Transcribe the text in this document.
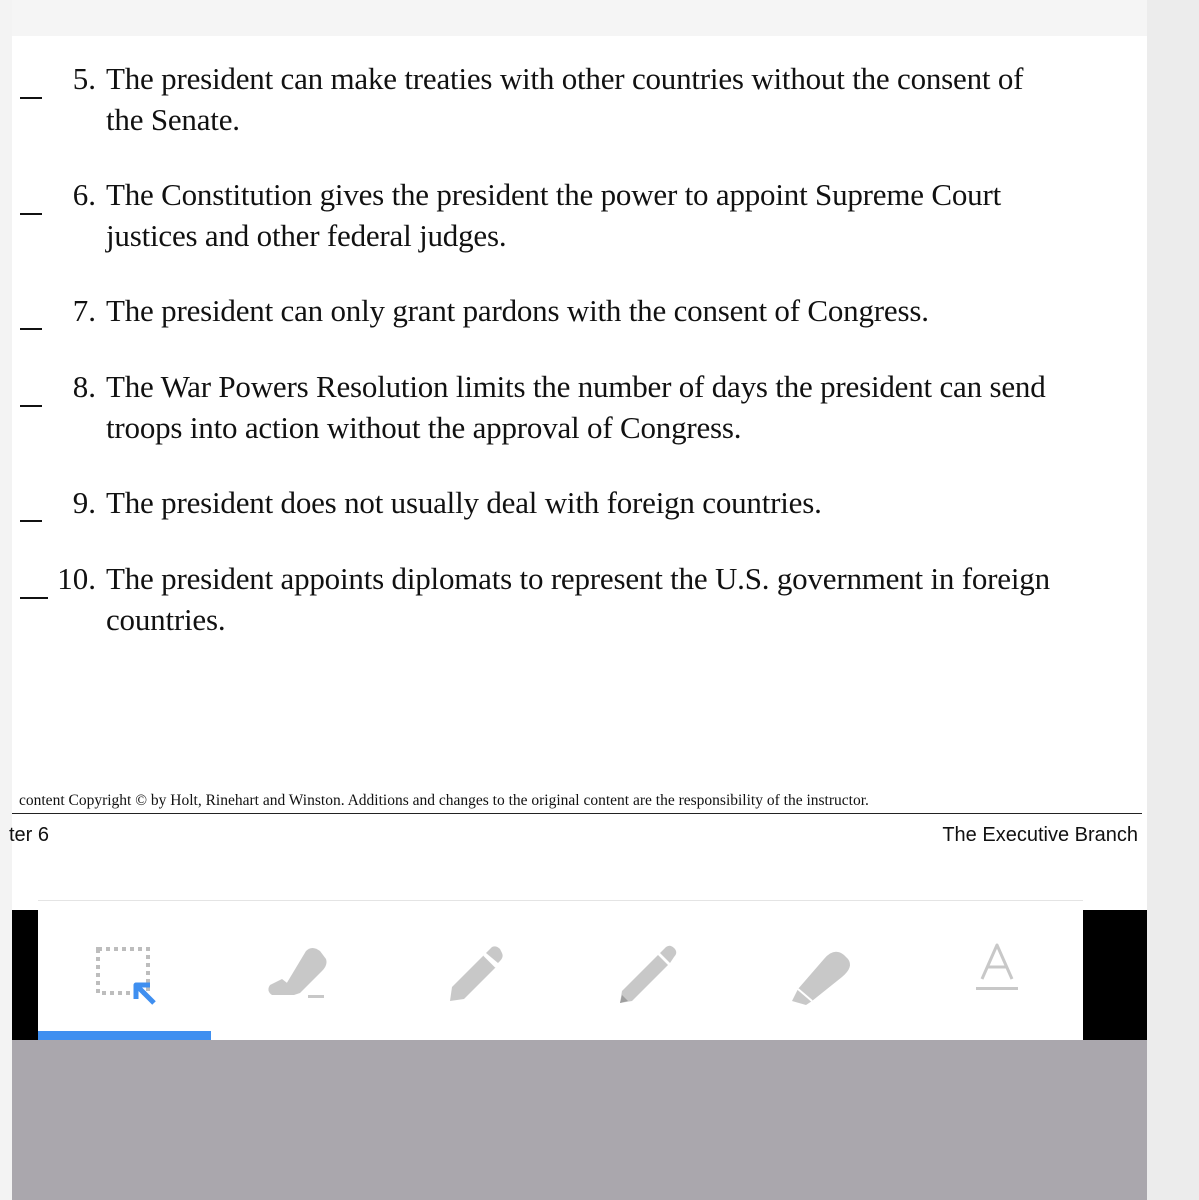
5. The president can make treaties with other countries without the consent of
the Senate.
6. The Constitution gives the president the power to appoint Supreme Court
justices and other federal judges.
7. The president can only grant pardons with the consent of Congress.
8. The War Powers Resolution limits the number of days the president can send
troops into action without the approval of Congress.
9. The president does not usually deal with foreign countries.
10. The president appoints diplomats to represent the U.S. government in foreign
countries.
content Copyright © by Holt, Rinehart and Winston. Additions and changes to the original content are the responsibility of the instructor.
ter 6	The Executive Branch
